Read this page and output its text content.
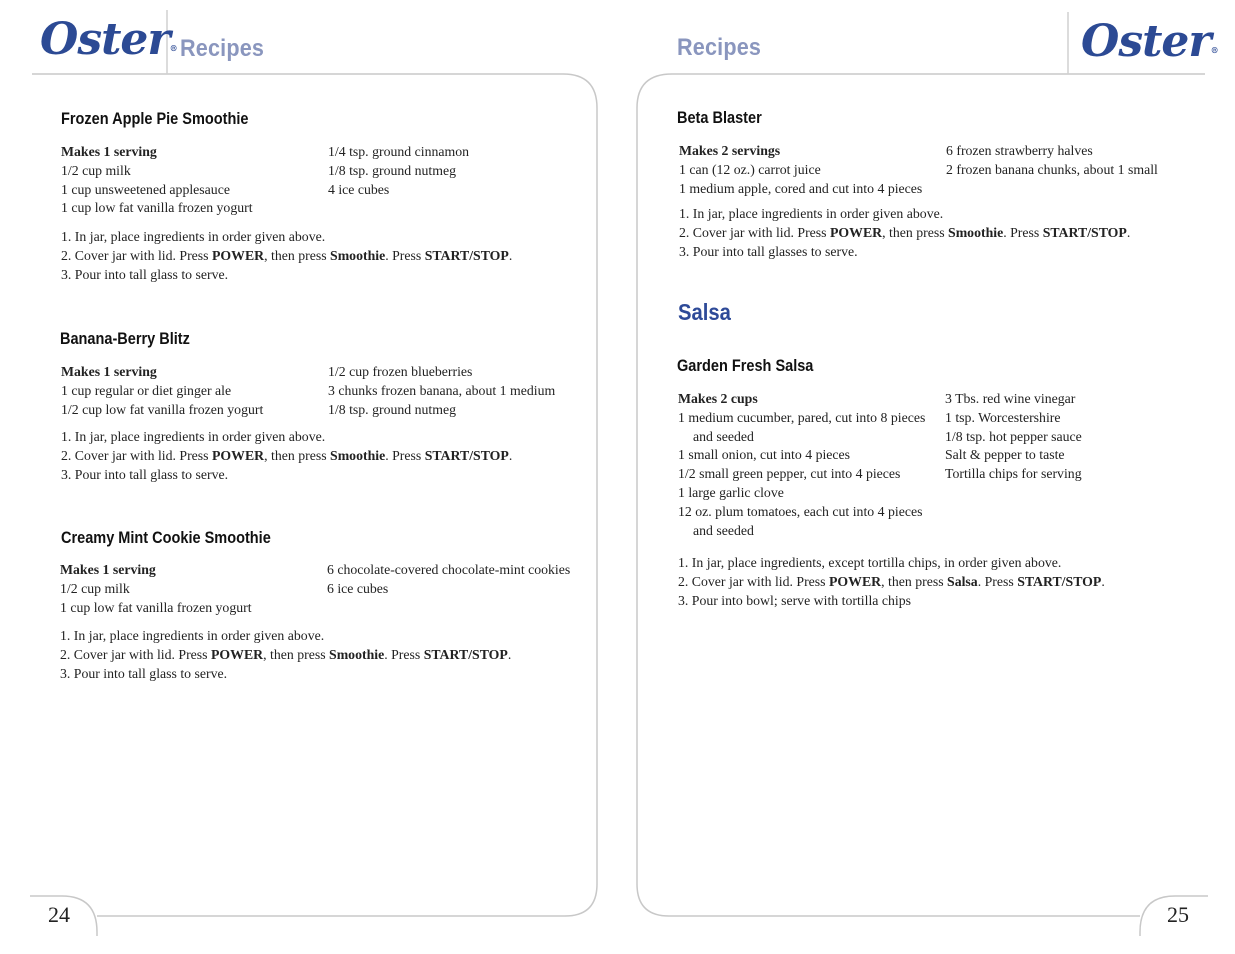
Oster® Recipes
Frozen Apple Pie Smoothie
Makes 1 serving
1/2 cup milk
1 cup unsweetened applesauce
1 cup low fat vanilla frozen yogurt
1/4 tsp. ground cinnamon
1/8 tsp. ground nutmeg
4 ice cubes
1. In jar, place ingredients in order given above.
2. Cover jar with lid. Press POWER, then press Smoothie. Press START/STOP.
3. Pour into tall glass to serve.
Banana-Berry Blitz
Makes 1 serving
1 cup regular or diet ginger ale
1/2 cup low fat vanilla frozen yogurt
1/2 cup frozen blueberries
3 chunks frozen banana, about 1 medium
1/8 tsp. ground nutmeg
1. In jar, place ingredients in order given above.
2. Cover jar with lid. Press POWER, then press Smoothie. Press START/STOP.
3. Pour into tall glass to serve.
Creamy Mint Cookie Smoothie
Makes 1 serving
1/2 cup milk
1 cup low fat vanilla frozen yogurt
6 chocolate-covered chocolate-mint cookies
6 ice cubes
1. In jar, place ingredients in order given above.
2. Cover jar with lid. Press POWER, then press Smoothie. Press START/STOP.
3. Pour into tall glass to serve.
24
Recipes	Oster®
Beta Blaster
Makes 2 servings
1 can (12 oz.) carrot juice
1 medium apple, cored and cut into 4 pieces
6 frozen strawberry halves
2 frozen banana chunks, about 1 small
1. In jar, place ingredients in order given above.
2. Cover jar with lid. Press POWER, then press Smoothie. Press START/STOP.
3. Pour into tall glasses to serve.
Salsa
Garden Fresh Salsa
Makes 2 cups
1 medium cucumber, pared, cut into 8 pieces
and seeded
1 small onion, cut into 4 pieces
1/2 small green pepper, cut into 4 pieces
1 large garlic clove
12 oz. plum tomatoes, each cut into 4 pieces
and seeded
3 Tbs. red wine vinegar
1 tsp. Worcestershire
1/8 tsp. hot pepper sauce
Salt & pepper to taste
Tortilla chips for serving
1. In jar, place ingredients, except tortilla chips, in order given above.
2. Cover jar with lid. Press POWER, then press Salsa. Press START/STOP.
3. Pour into bowl; serve with tortilla chips
25
